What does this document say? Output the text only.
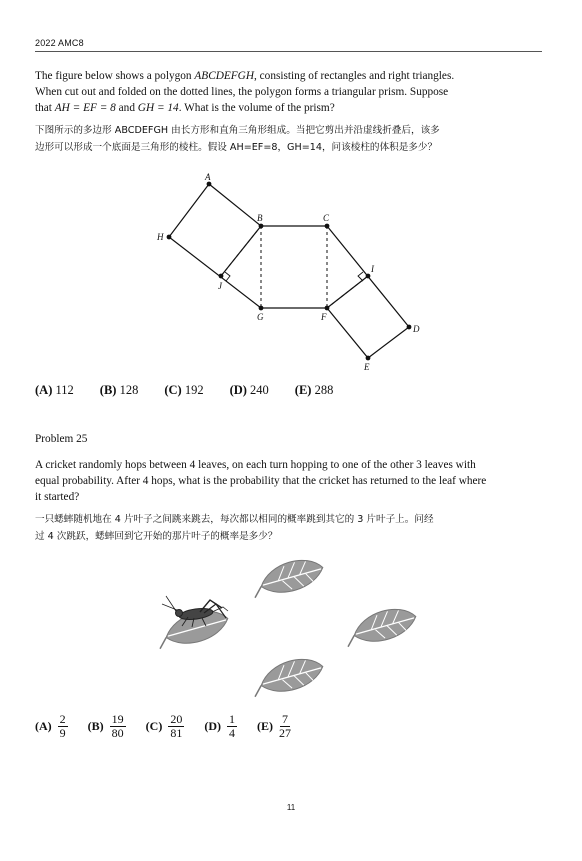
2022 AMC8
The figure below shows a polygon ABCDEFGH, consisting of rectangles and right triangles.
When cut out and folded on the dotted lines, the polygon forms a triangular prism. Suppose
that AH = EF = 8 and GH = 14. What is the volume of the prism?
下图所示的多边形 ABCDEFGH 由长方形和直角三角形组成。当把它剪出并沿虚线折叠后，该多
边形可以形成一个底面是三角形的棱柱。假设 AH=EF=8，GH=14，问该棱柱的体积是多少？
A
B	C
D
E
F
G
H
I
J
(A) 112 (B) 128 (C) 192 (D) 240 (E) 288
Problem 25
A cricket randomly hops between 4 leaves, on each turn hopping to one of the other 3 leaves with
equal probability. After 4 hops, what is the probability that the cricket has returned to the leaf where
it started?
一只蟋蟀随机地在 4 片叶子之间跳来跳去，每次都以相同的概率跳到其它的 3 片叶子上。问经
过 4 次跳跃，蟋蟀回到它开始的那片叶子的概率是多少？
$(A) \frac{2}{9} (B) \frac{19}{80} (C) \frac{20}{81} (D) \frac{1}{4} (E) \frac{7}{27}$
11
